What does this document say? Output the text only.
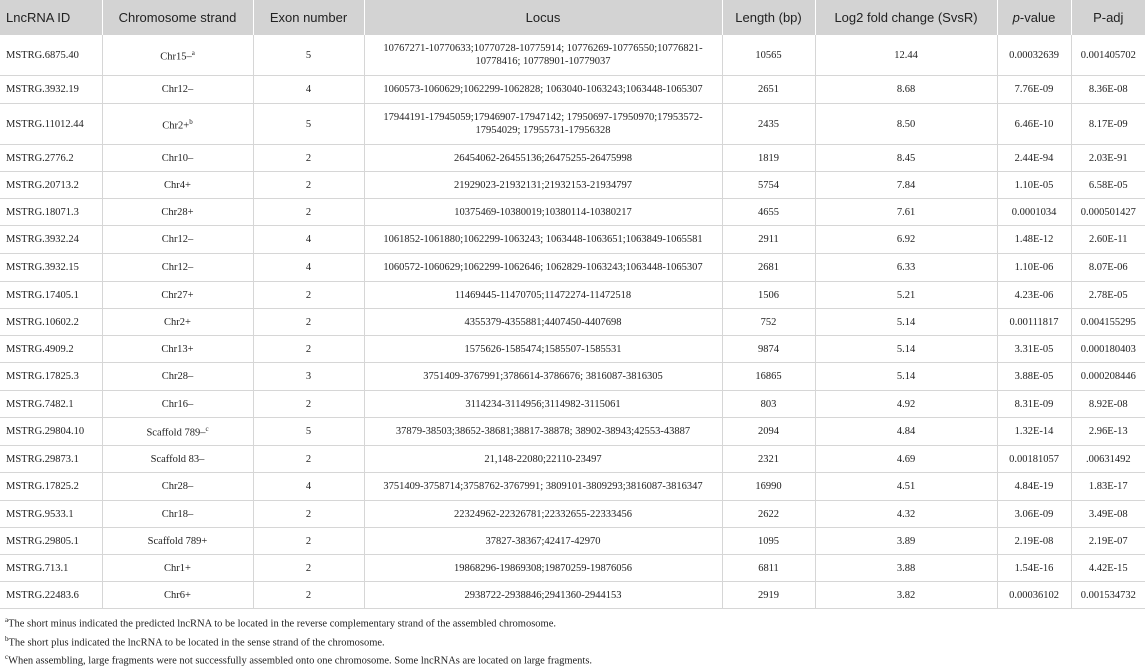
LncRNA ID	Chromosome strand	Exon number	Locus	Length (bp)	Log2 fold change (SvsR)	p-value	P-adj
MSTRG.6875.40	Chr15–$^a$	5	10767271-10770633;10770728-10775914; 10776269-10776550;10776821-10778416; 10778901-10779037	10565	12.44	0.00032639	0.001405702
MSTRG.3932.19	Chr12–	4	1060573-1060629;1062299-1062828; 1063040-1063243;1063448-1065307	2651	8.68	7.76E-09	8.36E-08
MSTRG.11012.44	Chr2+$^b$	5	17944191-17945059;17946907-17947142; 17950697-17950970;17953572-17954029; 17955731-17956328	2435	8.50	6.46E-10	8.17E-09
MSTRG.2776.2	Chr10–	2	26454062-26455136;26475255-26475998	1819	8.45	2.44E-94	2.03E-91
MSTRG.20713.2	Chr4+	2	21929023-21932131;21932153-21934797	5754	7.84	1.10E-05	6.58E-05
MSTRG.18071.3	Chr28+	2	10375469-10380019;10380114-10380217	4655	7.61	0.0001034	0.000501427
MSTRG.3932.24	Chr12–	4	1061852-1061880;1062299-1063243; 1063448-1063651;1063849-1065581	2911	6.92	1.48E-12	2.60E-11
MSTRG.3932.15	Chr12–	4	1060572-1060629;1062299-1062646; 1062829-1063243;1063448-1065307	2681	6.33	1.10E-06	8.07E-06
MSTRG.17405.1	Chr27+	2	11469445-11470705;11472274-11472518	1506	5.21	4.23E-06	2.78E-05
MSTRG.10602.2	Chr2+	2	4355379-4355881;4407450-4407698	752	5.14	0.00111817	0.004155295
MSTRG.4909.2	Chr13+	2	1575626-1585474;1585507-1585531	9874	5.14	3.31E-05	0.000180403
MSTRG.17825.3	Chr28–	3	3751409-3767991;3786614-3786676; 3816087-3816305	16865	5.14	3.88E-05	0.000208446
MSTRG.7482.1	Chr16–	2	3114234-3114956;3114982-3115061	803	4.92	8.31E-09	8.92E-08
MSTRG.29804.10	Scaffold 789–$^c$	5	37879-38503;38652-38681;38817-38878; 38902-38943;42553-43887	2094	4.84	1.32E-14	2.96E-13
MSTRG.29873.1	Scaffold 83–	2	21,148-22080;22110-23497	2321	4.69	0.00181057	.00631492
MSTRG.17825.2	Chr28–	4	3751409-3758714;3758762-3767991; 3809101-3809293;3816087-3816347	16990	4.51	4.84E-19	1.83E-17
MSTRG.9533.1	Chr18–	2	22324962-22326781;22332655-22333456	2622	4.32	3.06E-09	3.49E-08
MSTRG.29805.1	Scaffold 789+	2	37827-38367;42417-42970	1095	3.89	2.19E-08	2.19E-07
MSTRG.713.1	Chr1+	2	19868296-19869308;19870259-19876056	6811	3.88	1.54E-16	4.42E-15
MSTRG.22483.6	Chr6+	2	2938722-2938846;2941360-2944153	2919	3.82	0.00036102	0.001534732
$^a$The short minus indicated the predicted lncRNA to be located in the reverse complementary strand of the assembled chromosome.
$^b$The short plus indicated the lncRNA to be located in the sense strand of the chromosome.
$^c$When assembling, large fragments were not successfully assembled onto one chromosome. Some lncRNAs are located on large fragments.
